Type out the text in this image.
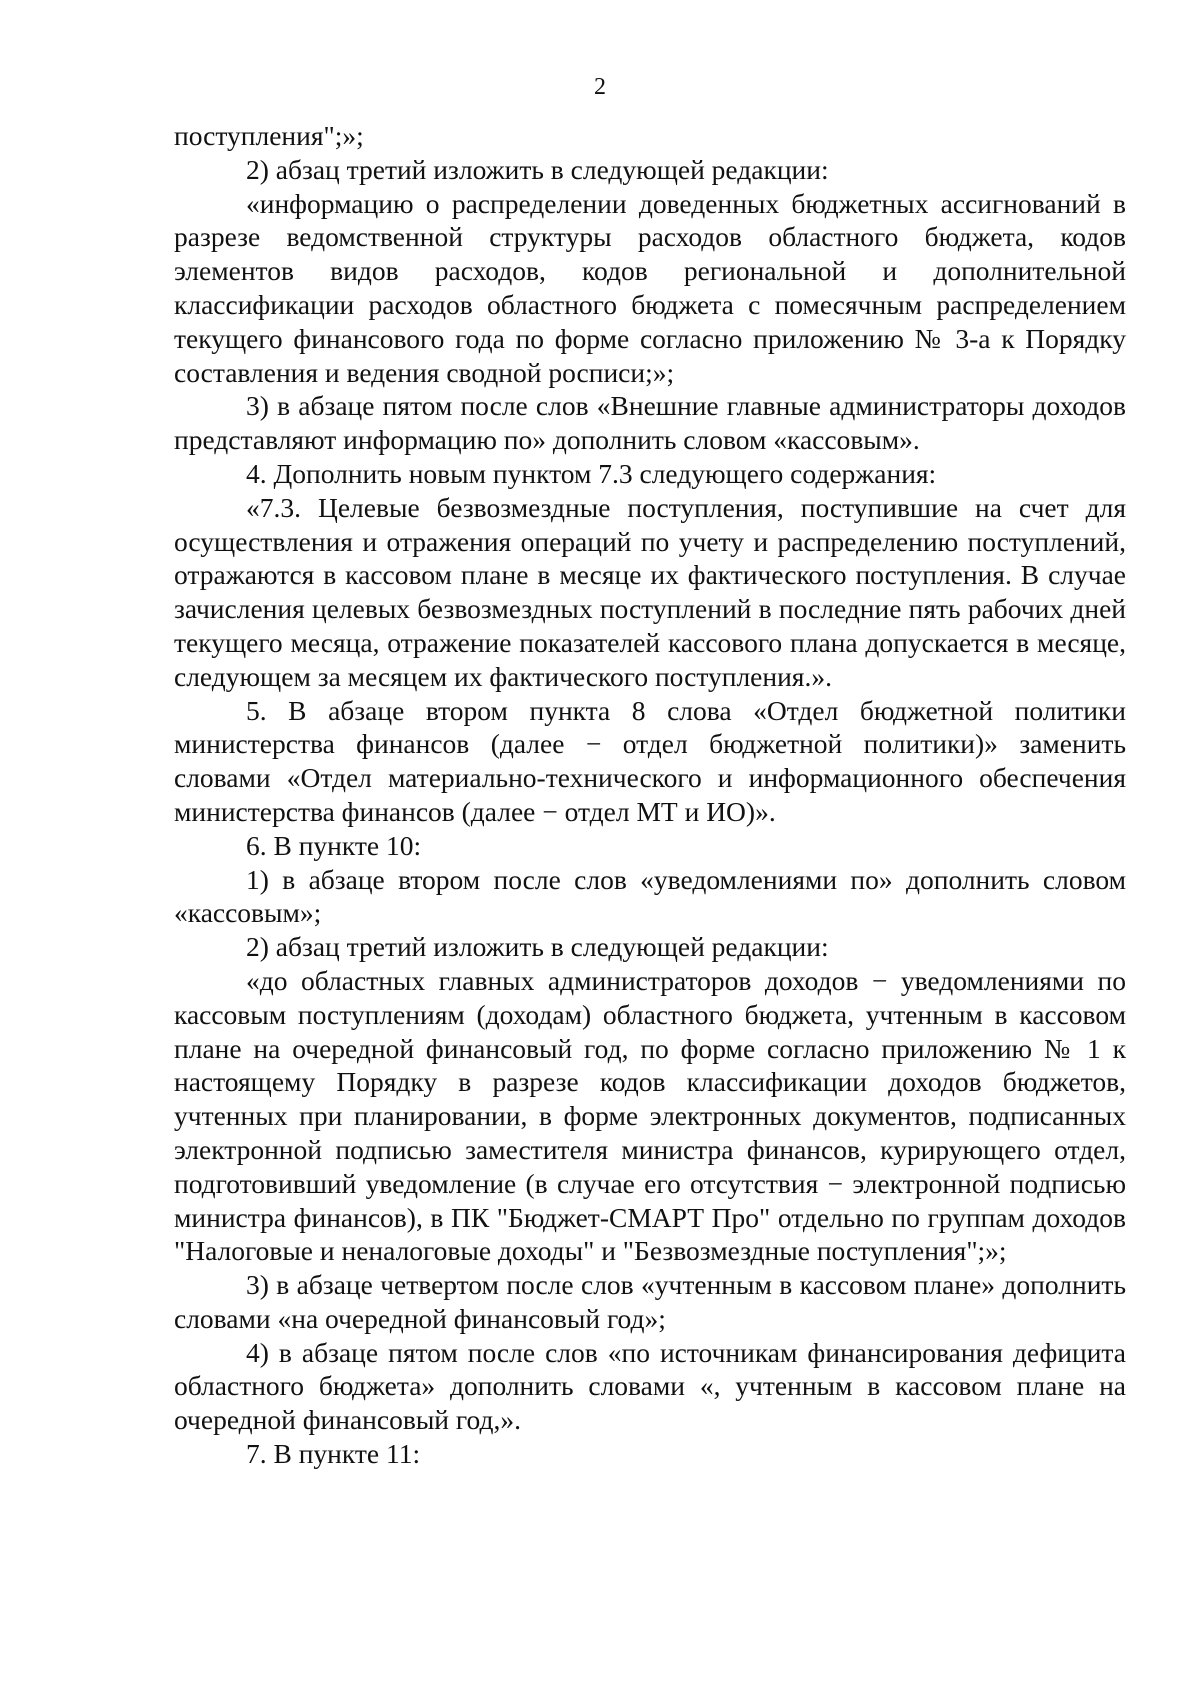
2

поступления";»;

2) абзац третий изложить в следующей редакции:

«информацию о распределении доведенных бюджетных ассигнований в разрезе ведомственной структуры расходов областного бюджета, кодов элементов видов расходов, кодов региональной и дополнительной классификации расходов областного бюджета с помесячным распределением текущего финансового года по форме согласно приложению № 3-а к Порядку составления и ведения сводной росписи;»;

3) в абзаце пятом после слов «Внешние главные администраторы доходов представляют информацию по» дополнить словом «кассовым».

4. Дополнить новым пунктом 7.3 следующего содержания:

«7.3. Целевые безвозмездные поступления, поступившие на счет для осуществления и отражения операций по учету и распределению поступлений, отражаются в кассовом плане в месяце их фактического поступления. В случае зачисления целевых безвозмездных поступлений в последние пять рабочих дней текущего месяца, отражение показателей кассового плана допускается в месяце, следующем за месяцем их фактического поступления.».

5. В абзаце втором пункта 8 слова «Отдел бюджетной политики министерства финансов (далее − отдел бюджетной политики)» заменить словами «Отдел материально-технического и информационного обеспечения министерства финансов (далее − отдел МТ и ИО)».

6. В пункте 10:

1) в абзаце втором после слов «уведомлениями по» дополнить словом «кассовым»;

2) абзац третий изложить в следующей редакции:

«до областных главных администраторов доходов − уведомлениями по кассовым поступлениям (доходам) областного бюджета, учтенным в кассовом плане на очередной финансовый год, по форме согласно приложению № 1 к настоящему Порядку в разрезе кодов классификации доходов бюджетов, учтенных при планировании, в форме электронных документов, подписанных электронной подписью заместителя министра финансов, курирующего отдел, подготовивший уведомление (в случае его отсутствия − электронной подписью министра финансов), в ПК "Бюджет-СМАРТ Про" отдельно по группам доходов "Налоговые и неналоговые доходы" и "Безвозмездные поступления";»;

3) в абзаце четвертом после слов «учтенным в кассовом плане» дополнить словами «на очередной финансовый год»;

4) в абзаце пятом после слов «по источникам финансирования дефицита областного бюджета» дополнить словами «, учтенным в кассовом плане на очередной финансовый год,».

7. В пункте 11:
